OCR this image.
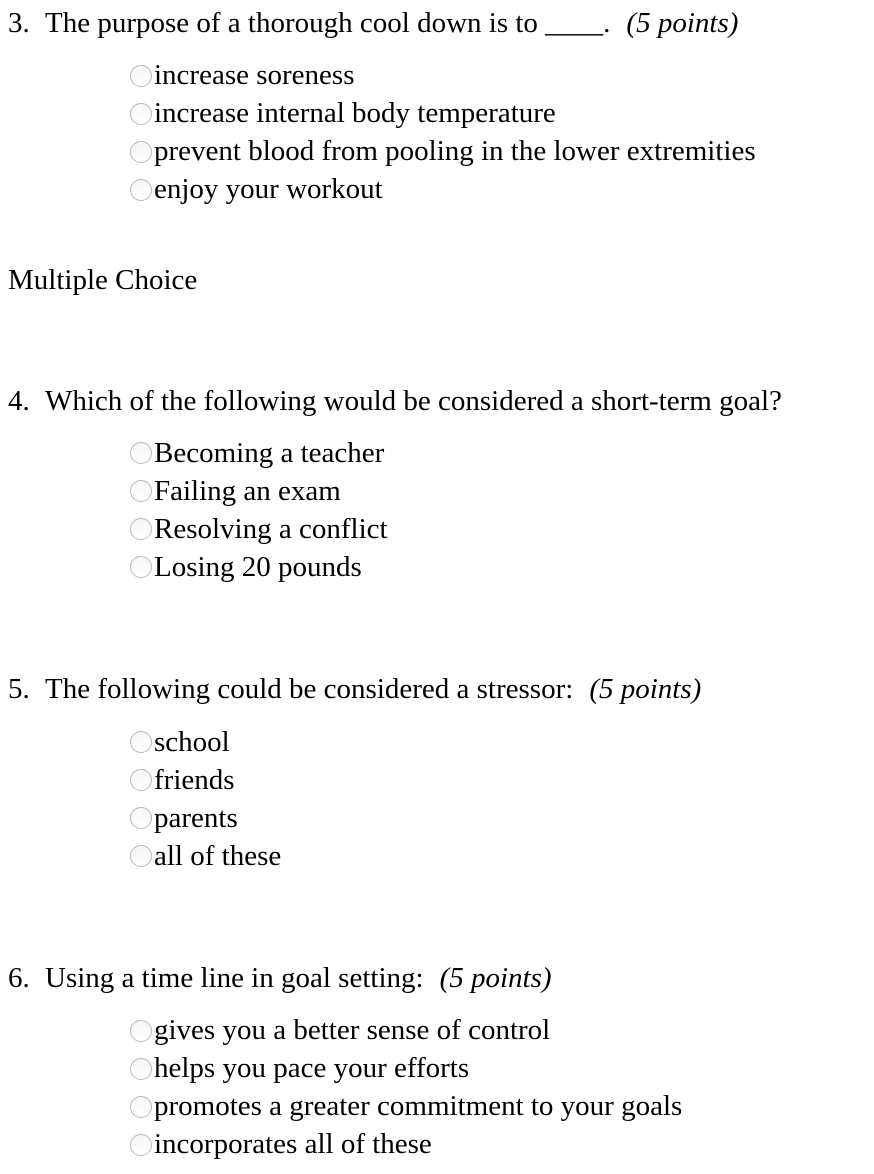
3. The purpose of a thorough cool down is to ____. (5 points)
increase soreness
increase internal body temperature
prevent blood from pooling in the lower extremities
enjoy your workout
Multiple Choice
4. Which of the following would be considered a short-term goal?
Becoming a teacher
Failing an exam
Resolving a conflict
Losing 20 pounds
5. The following could be considered a stressor: (5 points)
school
friends
parents
all of these
6. Using a time line in goal setting: (5 points)
gives you a better sense of control
helps you pace your efforts
promotes a greater commitment to your goals
incorporates all of these
